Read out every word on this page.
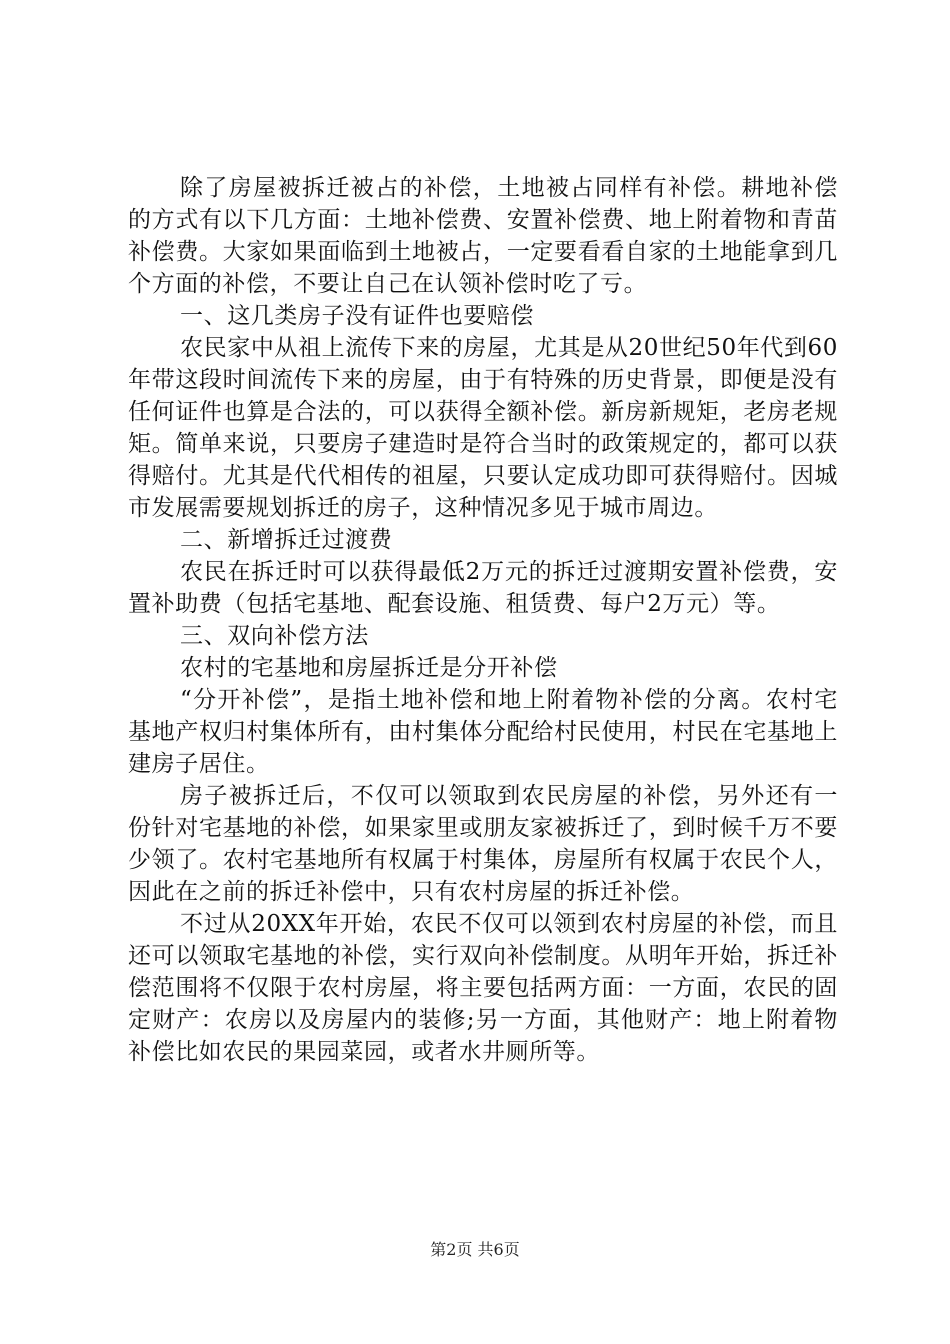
除了房屋被拆迁被占的补偿，土地被占同样有补偿。耕地补偿的方式有以下几方面：土地补偿费、安置补偿费、地上附着物和青苗补偿费。大家如果面临到土地被占，一定要看看自家的土地能拿到几个方面的补偿，不要让自己在认领补偿时吃了亏。

一、这几类房子没有证件也要赔偿

农民家中从祖上流传下来的房屋，尤其是从20世纪50年代到60年带这段时间流传下来的房屋，由于有特殊的历史背景，即便是没有任何证件也算是合法的，可以获得全额补偿。新房新规矩，老房老规矩。简单来说，只要房子建造时是符合当时的政策规定的，都可以获得赔付。尤其是代代相传的祖屋，只要认定成功即可获得赔付。因城市发展需要规划拆迁的房子，这种情况多见于城市周边。

二、新增拆迁过渡费

农民在拆迁时可以获得最低2万元的拆迁过渡期安置补偿费，安置补助费（包括宅基地、配套设施、租赁费、每户2万元）等。

三、双向补偿方法

农村的宅基地和房屋拆迁是分开补偿

“分开补偿”，是指土地补偿和地上附着物补偿的分离。农村宅基地产权归村集体所有，由村集体分配给村民使用，村民在宅基地上建房子居住。

房子被拆迁后，不仅可以领取到农民房屋的补偿，另外还有一份针对宅基地的补偿，如果家里或朋友家被拆迁了，到时候千万不要少领了。农村宅基地所有权属于村集体，房屋所有权属于农民个人，因此在之前的拆迁补偿中，只有农村房屋的拆迁补偿。

不过从20XX年开始，农民不仅可以领到农村房屋的补偿，而且还可以领取宅基地的补偿，实行双向补偿制度。从明年开始，拆迁补偿范围将不仅限于农村房屋，将主要包括两方面：一方面，农民的固定财产：农房以及房屋内的装修;另一方面，其他财产：地上附着物补偿比如农民的果园菜园，或者水井厕所等。

第2页 共6页
